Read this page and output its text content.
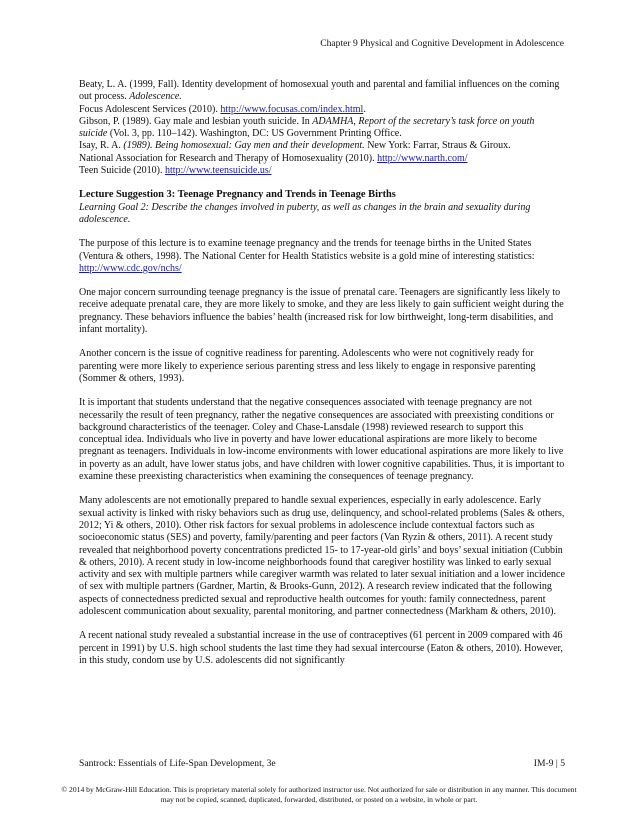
Chapter 9 Physical and Cognitive Development in Adolescence

Beaty, L. A. (1999, Fall). Identity development of homosexual youth and parental and familial influences on the coming out process. Adolescence.

Focus Adolescent Services (2010). http://www.focusas.com/index.html.

Gibson, P. (1989). Gay male and lesbian youth suicide. In ADAMHA, Report of the secretary’s task force on youth suicide (Vol. 3, pp. 110–142). Washington, DC: US Government Printing Office.

Isay, R. A. (1989). Being homosexual: Gay men and their development. New York: Farrar, Straus & Giroux.

National Association for Research and Therapy of Homosexuality (2010). http://www.narth.com/

Teen Suicide (2010). http://www.teensuicide.us/

Lecture Suggestion 3: Teenage Pregnancy and Trends in Teenage Births
Learning Goal 2: Describe the changes involved in puberty, as well as changes in the brain and sexuality during adolescence.

The purpose of this lecture is to examine teenage pregnancy and the trends for teenage births in the United States (Ventura & others, 1998). The National Center for Health Statistics website is a gold mine of interesting statistics: http://www.cdc.gov/nchs/

One major concern surrounding teenage pregnancy is the issue of prenatal care. Teenagers are significantly less likely to receive adequate prenatal care, they are more likely to smoke, and they are less likely to gain sufficient weight during the pregnancy. These behaviors influence the babies’ health (increased risk for low birthweight, long-term disabilities, and infant mortality).

Another concern is the issue of cognitive readiness for parenting. Adolescents who were not cognitively ready for parenting were more likely to experience serious parenting stress and less likely to engage in responsive parenting (Sommer & others, 1993).

It is important that students understand that the negative consequences associated with teenage pregnancy are not necessarily the result of teen pregnancy, rather the negative consequences are associated with preexisting conditions or background characteristics of the teenager. Coley and Chase-Lansdale (1998) reviewed research to support this conceptual idea. Individuals who live in poverty and have lower educational aspirations are more likely to become pregnant as teenagers. Individuals in low-income environments with lower educational aspirations are more likely to live in poverty as an adult, have lower status jobs, and have children with lower cognitive capabilities. Thus, it is important to examine these preexisting characteristics when examining the consequences of teenage pregnancy.

Many adolescents are not emotionally prepared to handle sexual experiences, especially in early adolescence. Early sexual activity is linked with risky behaviors such as drug use, delinquency, and school-related problems (Sales & others, 2012; Yi & others, 2010). Other risk factors for sexual problems in adolescence include contextual factors such as socioeconomic status (SES) and poverty, family/parenting and peer factors (Van Ryzin & others, 2011). A recent study revealed that neighborhood poverty concentrations predicted 15- to 17-year-old girls’ and boys’ sexual initiation (Cubbin & others, 2010). A recent study in low-income neighborhoods found that caregiver hostility was linked to early sexual activity and sex with multiple partners while caregiver warmth was related to later sexual initiation and a lower incidence of sex with multiple partners (Gardner, Martin, & Brooks-Gunn, 2012). A research review indicated that the following aspects of connectedness predicted sexual and reproductive health outcomes for youth: family connectedness, parent adolescent communication about sexuality, parental monitoring, and partner connectedness (Markham & others, 2010).

A recent national study revealed a substantial increase in the use of contraceptives (61 percent in 2009 compared with 46 percent in 1991) by U.S. high school students the last time they had sexual intercourse (Eaton & others, 2010). However, in this study, condom use by U.S. adolescents did not significantly

Santrock: Essentials of Life-Span Development, 3e	IM-9 | 5
© 2014 by McGraw-Hill Education. This is proprietary material solely for authorized instructor use. Not authorized for sale or distribution in any manner. This document may not be copied, scanned, duplicated, forwarded, distributed, or posted on a website, in whole or part.
